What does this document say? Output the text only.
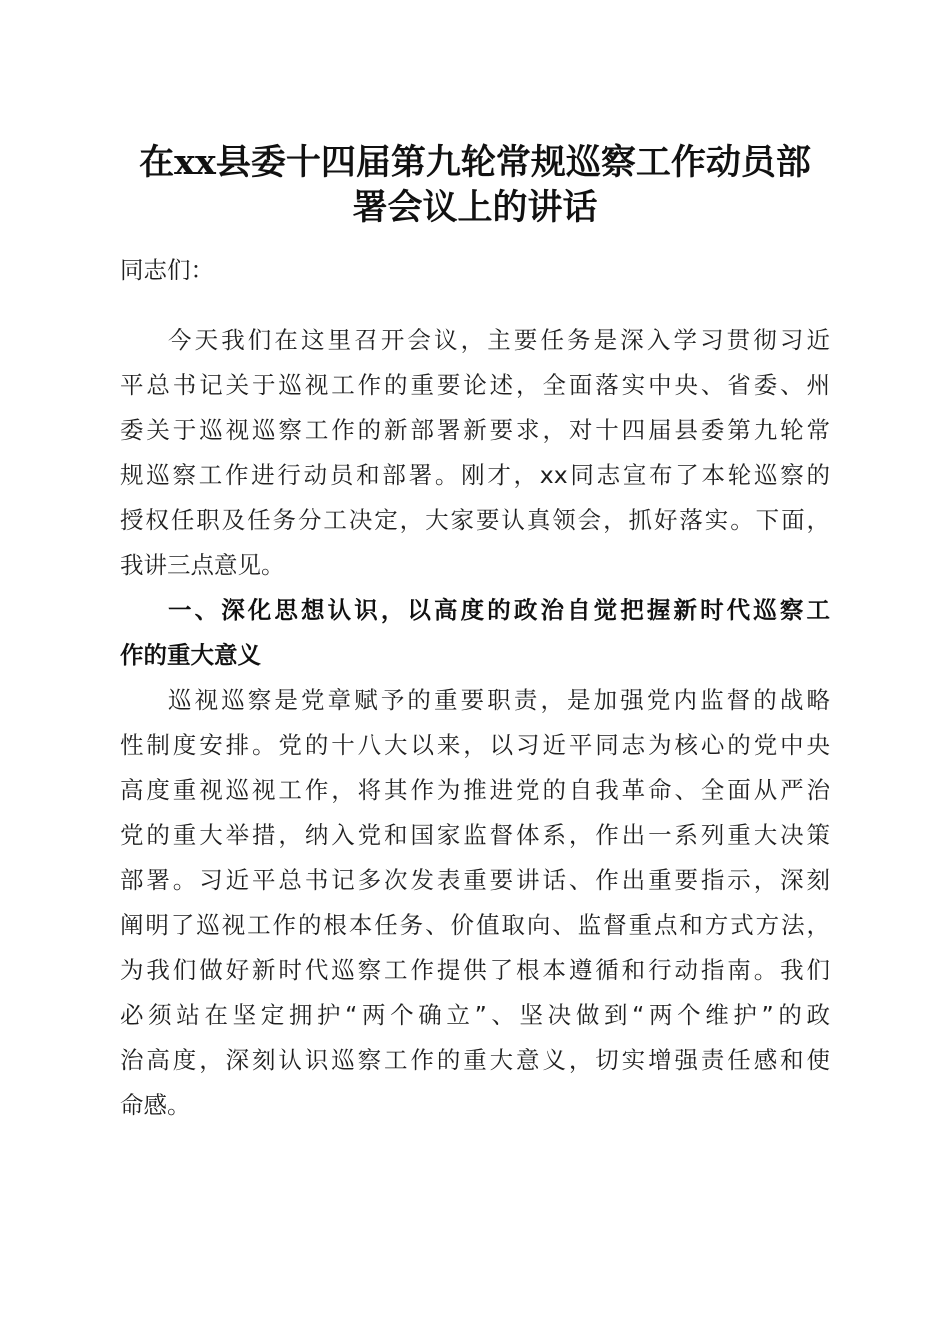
在xx县委十四届第九轮常规巡察工作动员部
署会议上的讲话
同志们：
今天我们在这里召开会议，主要任务是深入学习贯彻习近
平总书记关于巡视工作的重要论述，全面落实中央、省委、州
委关于巡视巡察工作的新部署新要求，对十四届县委第九轮常
规巡察工作进行动员和部署。刚才，xx同志宣布了本轮巡察的
授权任职及任务分工决定，大家要认真领会，抓好落实。下面，
我讲三点意见。
一、深化思想认识，以高度的政治自觉把握新时代巡察工
作的重大意义
巡视巡察是党章赋予的重要职责，是加强党内监督的战略
性制度安排。党的十八大以来，以习近平同志为核心的党中央
高度重视巡视工作，将其作为推进党的自我革命、全面从严治
党的重大举措，纳入党和国家监督体系，作出一系列重大决策
部署。习近平总书记多次发表重要讲话、作出重要指示，深刻
阐明了巡视工作的根本任务、价值取向、监督重点和方式方法，
为我们做好新时代巡察工作提供了根本遵循和行动指南。我们
必须站在坚定拥护“两个确立”、坚决做到“两个维护”的政
治高度，深刻认识巡察工作的重大意义，切实增强责任感和使
命感。
